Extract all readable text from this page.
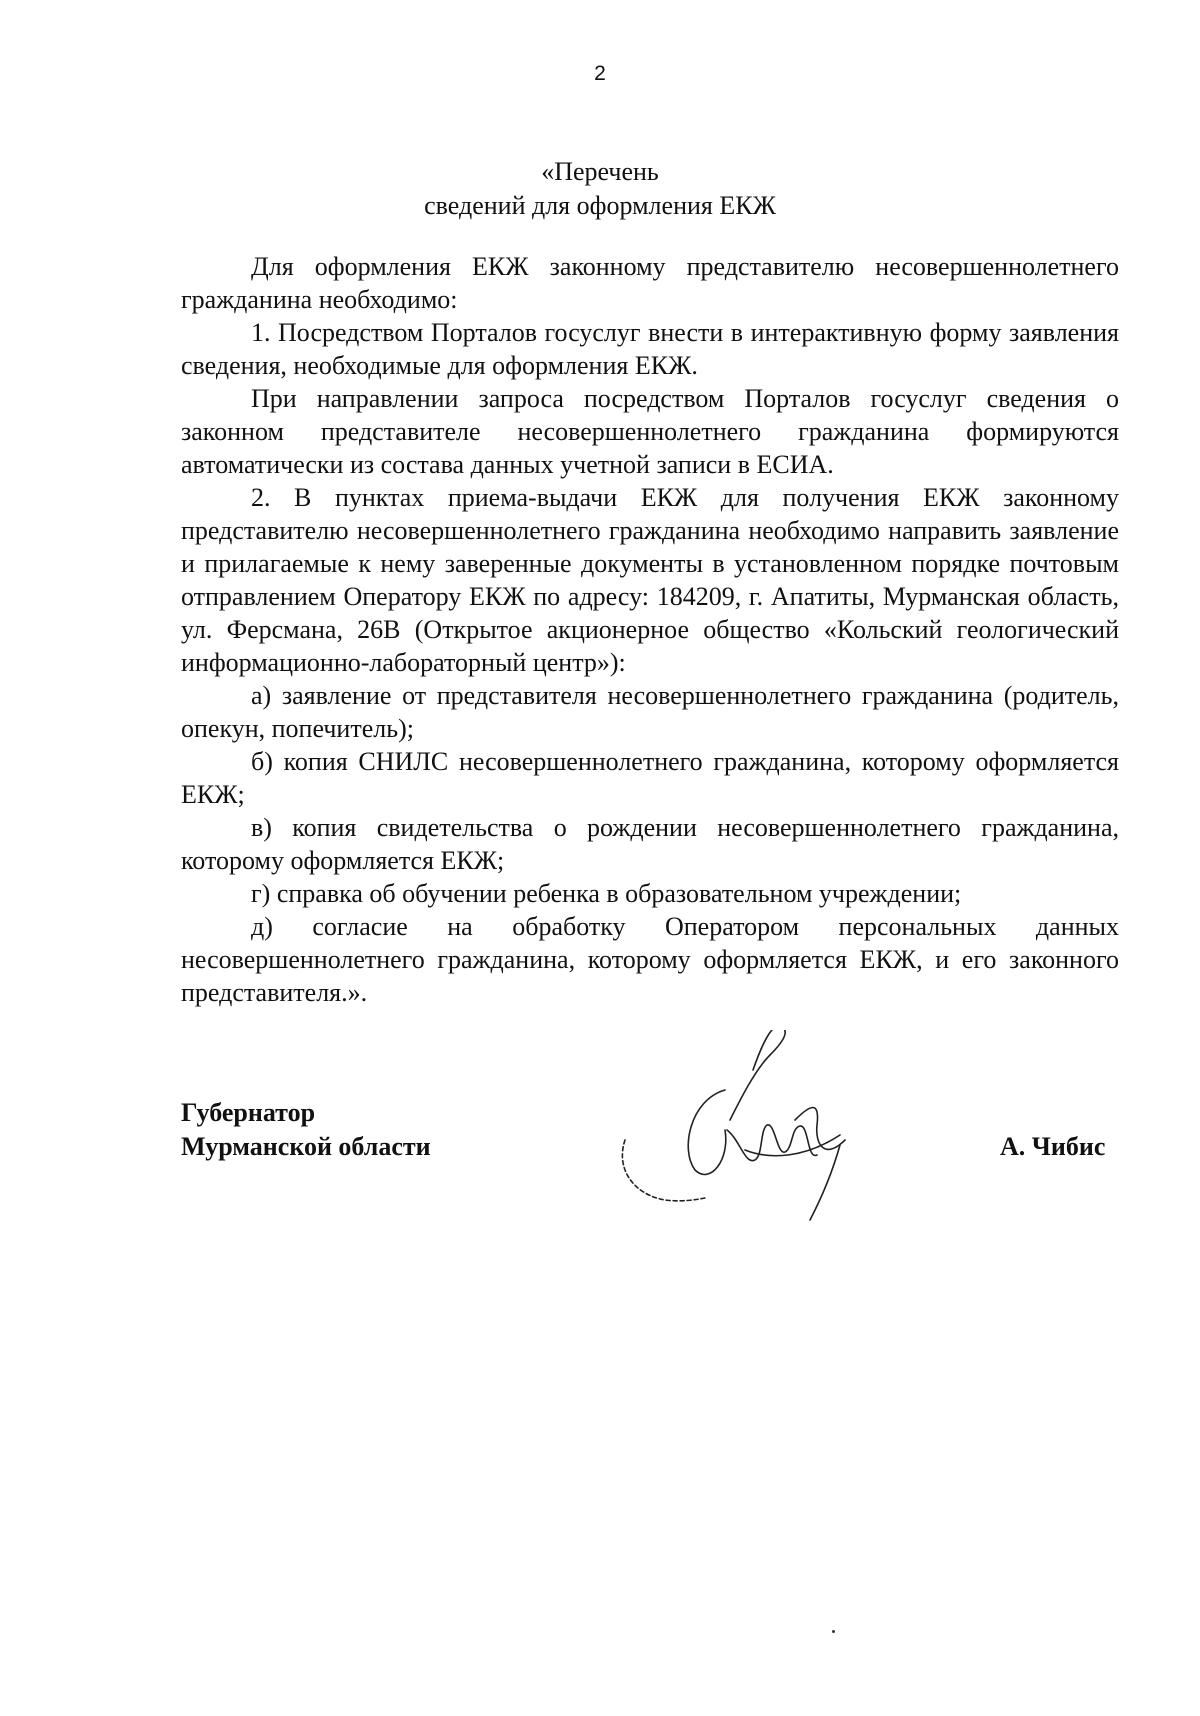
2
«Перечень
сведений для оформления ЕКЖ

Для оформления ЕКЖ законному представителю несовершеннолетнего гражданина необходимо:

1. Посредством Порталов госуслуг внести в интерактивную форму заявления сведения, необходимые для оформления ЕКЖ.

При направлении запроса посредством Порталов госуслуг сведения о законном представителе несовершеннолетнего гражданина формируются автоматически из состава данных учетной записи в ЕСИА.

2. В пунктах приема-выдачи ЕКЖ для получения ЕКЖ законному представителю несовершеннолетнего гражданина необходимо направить заявление и прилагаемые к нему заверенные документы в установленном порядке почтовым отправлением Оператору ЕКЖ по адресу: 184209, г. Апатиты, Мурманская область, ул. Ферсмана, 26В (Открытое акционерное общество «Кольский геологический информационно-лабораторный центр»):

а) заявление от представителя несовершеннолетнего гражданина (родитель, опекун, попечитель);

б) копия СНИЛС несовершеннолетнего гражданина, которому оформляется ЕКЖ;

в) копия свидетельства о рождении несовершеннолетнего гражданина, которому оформляется ЕКЖ;

г) справка об обучении ребенка в образовательном учреждении;

д) согласие на обработку Оператором персональных данных несовершеннолетнего гражданина, которому оформляется ЕКЖ, и его законного представителя.».

Губернатор
Мурманской области	А. Чибис
